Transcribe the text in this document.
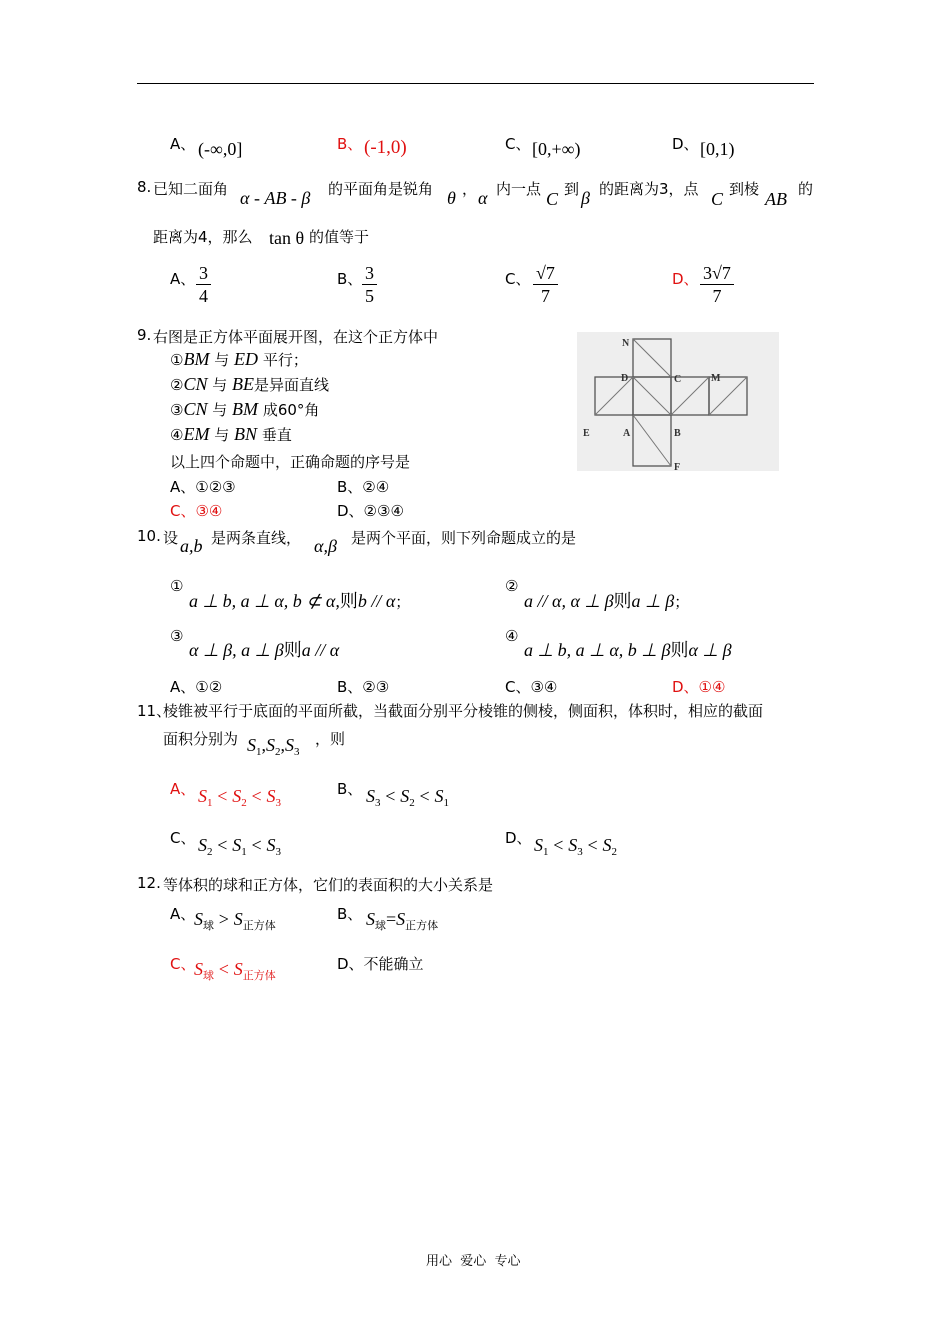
A、 (-∞,0]	B、 (-1,0)	C、 [0,+∞)	D、 [0,1)
8. 已知二面角 α - AB - β 的平面角是锐角 θ ， α 内一点 C 到 β 的距离为3，点 C 到棱 AB 的
距离为4，那么 tan θ 的值等于
A、 $\frac{3}{4}$	B、 $\frac{3}{5}$	C、 $\frac{√7}{7}$	D、 $\frac{3√7}{7}$
9. 右图是正方体平面展开图，在这个正方体中
①BM 与 ED 平行；
②CN 与 BE是异面直线
③CN 与 BM 成60°角
④EM 与 BN 垂直
以上四个命题中，正确命题的序号是
A、①②③	B、②④
C、③④	D、②③④
N
D	C	M
E	A	B
F
10. 设 a,b 是两条直线， α,β 是两个平面，则下列命题成立的是
①
a ⊥ b, a ⊥ α, b ⊄ α,则b // α；
②
a // α, α ⊥ β则a ⊥ β；
③
α ⊥ β, a ⊥ β则a // α
④
a ⊥ b, a ⊥ α, b ⊥ β则α ⊥ β
A、①②	B、②③	C、③④	D、①④
11、
棱锥被平行于底面的平面所截，当截面分别平分棱锥的侧棱，侧面积，体积时，相应的截面
面积分别为 $S_1,S_2,S_3$
，则
A、 $S_1 < S_2 < S_3$
B、 $S_3 < S_2 < S_1$
C、 $S_2 < S_1 < S_3$
D、 $S_1 < S_3 < S_2$
12. 等体积的球和正方体，它们的表面积的大小关系是
A、
$S_球 > S_{正方体}$
B、 $S_球=S_{正方体}$
C、
$S_球 < S_{正方体}$
D、不能确立
用心  爱心  专心
